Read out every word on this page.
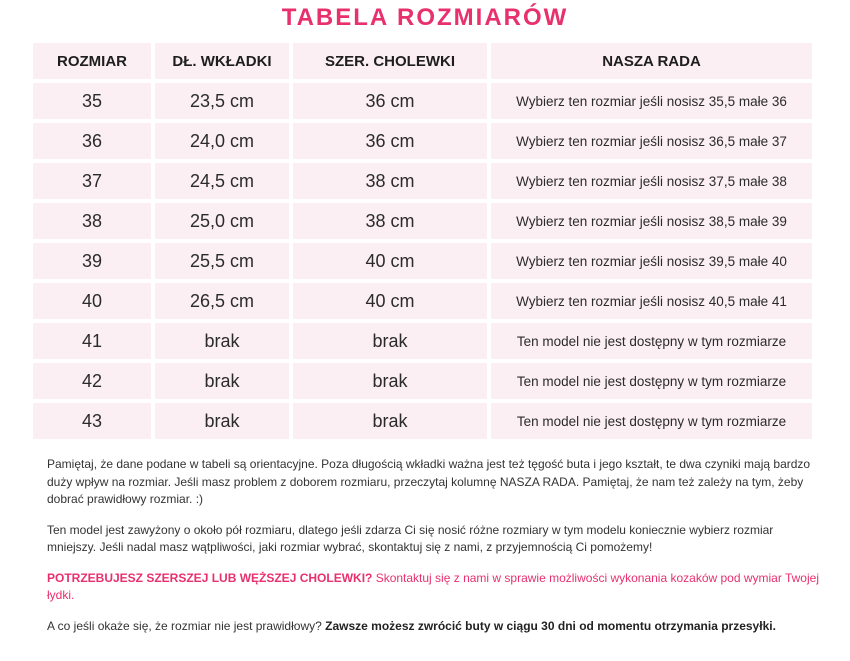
TABELA ROZMIARÓW
ROZMIAR	DŁ. WKŁADKI	SZER. CHOLEWKI	NASZA RADA
35	23,5 cm	36 cm	Wybierz ten rozmiar jeśli nosisz 35,5 małe 36
36	24,0 cm	36 cm	Wybierz ten rozmiar jeśli nosisz 36,5 małe 37
37	24,5 cm	38 cm	Wybierz ten rozmiar jeśli nosisz 37,5 małe 38
38	25,0 cm	38 cm	Wybierz ten rozmiar jeśli nosisz 38,5 małe 39
39	25,5 cm	40 cm	Wybierz ten rozmiar jeśli nosisz 39,5 małe 40
40	26,5 cm	40 cm	Wybierz ten rozmiar jeśli nosisz 40,5 małe 41
41	brak	brak	Ten model nie jest dostępny w tym rozmiarze
42	brak	brak	Ten model nie jest dostępny w tym rozmiarze
43	brak	brak	Ten model nie jest dostępny w tym rozmiarze

Pamiętaj, że dane podane w tabeli są orientacyjne. Poza długością wkładki ważna jest też tęgość buta i jego kształt, te dwa czyniki mają bardzo duży wpływ na rozmiar. Jeśli masz problem z doborem rozmiaru, przeczytaj kolumnę NASZA RADA. Pamiętaj, że nam też zależy na tym, żeby dobrać prawidłowy rozmiar. :)

Ten model jest zawyżony o około pół rozmiaru, dlatego jeśli zdarza Ci się nosić różne rozmiary w tym modelu koniecznie wybierz rozmiar mniejszy. Jeśli nadal masz wątpliwości, jaki rozmiar wybrać, skontaktuj się z nami, z przyjemnością Ci pomożemy!

POTRZEBUJESZ SZERSZEJ LUB WĘŻSZEJ CHOLEWKI? Skontaktuj się z nami w sprawie możliwości wykonania kozaków pod wymiar Twojej łydki.

A co jeśli okaże się, że rozmiar nie jest prawidłowy? Zawsze możesz zwrócić buty w ciągu 30 dni od momentu otrzymania przesyłki.
